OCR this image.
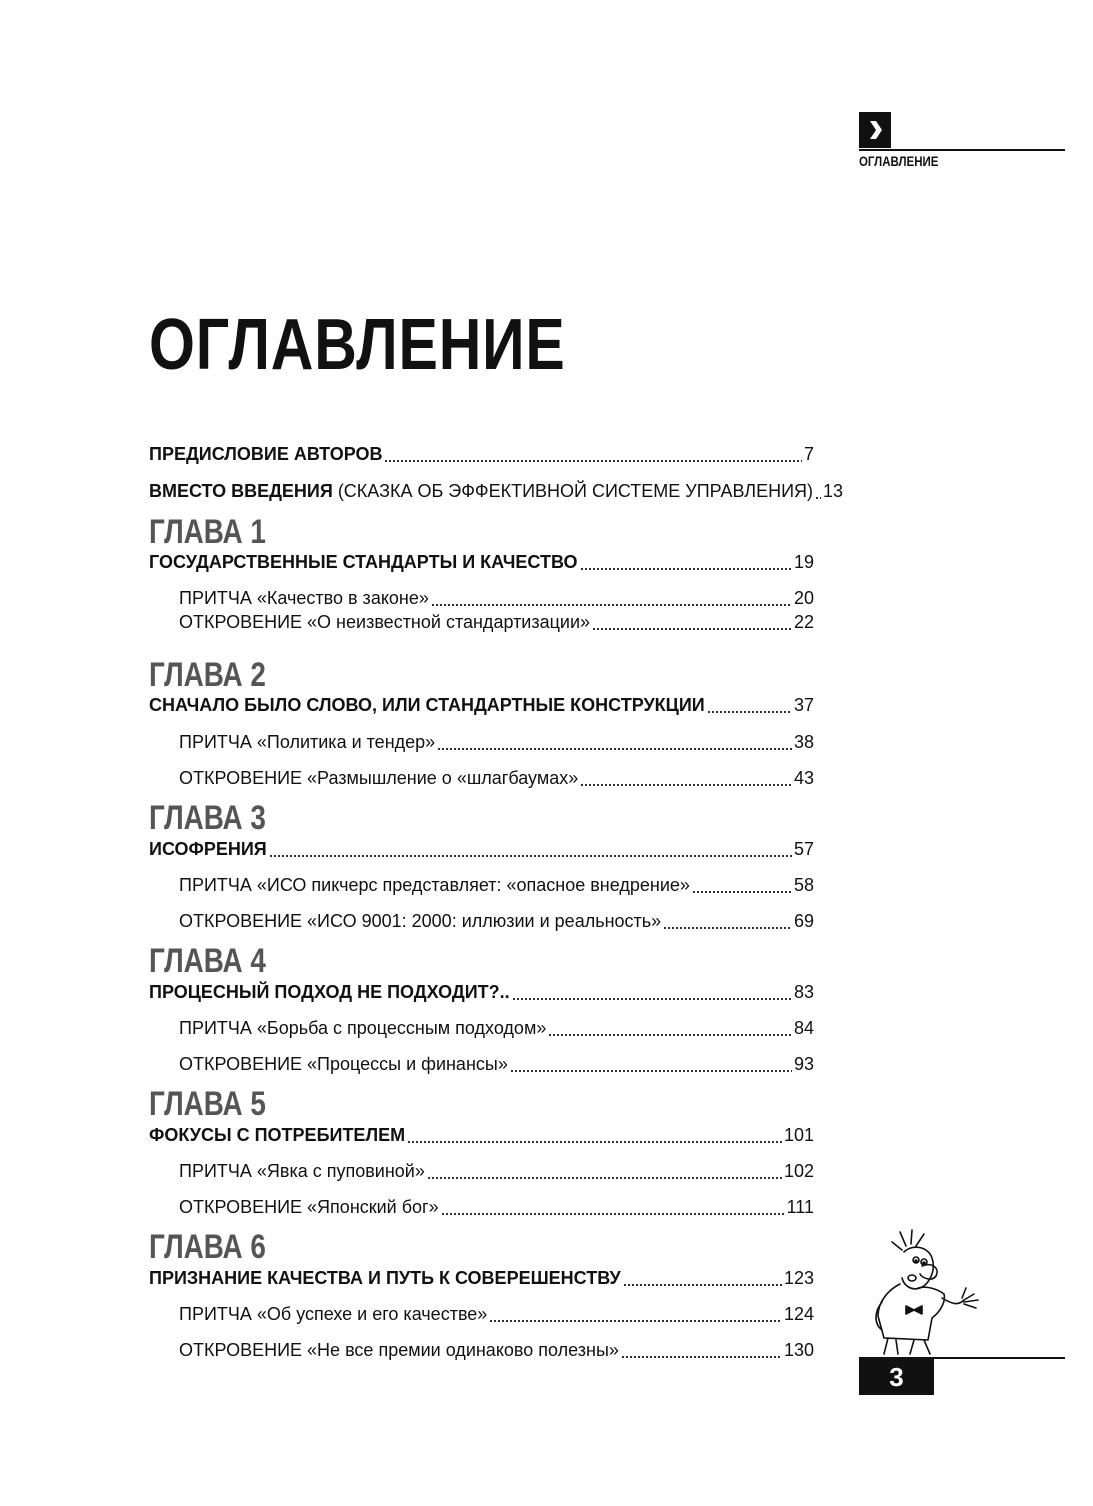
ОГЛАВЛЕНИЕ
ОГЛАВЛЕНИЕ
ПРЕДИСЛОВИЕ АВТОРОВ	7
ВМЕСТО ВВЕДЕНИЯ (СКАЗКА ОБ ЭФФЕКТИВНОЙ СИСТЕМЕ УПРАВЛЕНИЯ) 13
ГЛАВА 1
ГОСУДАРСТВЕННЫЕ СТАНДАРТЫ И КАЧЕСТВО	19
ПРИТЧА «Качество в законе»	20
ОТКРОВЕНИЕ «О неизвестной стандартизации»	22
ГЛАВА 2
СНАЧАЛО БЫЛО СЛОВО, ИЛИ СТАНДАРТНЫЕ КОНСТРУКЦИИ	37
ПРИТЧА «Политика и тендер»	38
ОТКРОВЕНИЕ «Размышление о «шлагбаумах»	43
ГЛАВА 3
ИСОФРЕНИЯ	57
ПРИТЧА «ИСО пикчерс представляет: «опасное внедрение»	58
ОТКРОВЕНИЕ «ИСО 9001: 2000: иллюзии и реальность»	69
ГЛАВА 4
ПРОЦЕСНЫЙ ПОДХОД НЕ ПОДХОДИТ?..	83
ПРИТЧА «Борьба с процессным подходом»	84
ОТКРОВЕНИЕ «Процессы и финансы»	93
ГЛАВА 5
ФОКУСЫ С ПОТРЕБИТЕЛЕМ	101
ПРИТЧА «Явка с пуповиной»	102
ОТКРОВЕНИЕ «Японский бог»	111
ГЛАВА 6
ПРИЗНАНИЕ КАЧЕСТВА И ПУТЬ К СОВЕРЕШЕНСТВУ	123
ПРИТЧА «Об успехе и его качестве»	124
ОТКРОВЕНИЕ «Не все премии одинаково полезны»	130
3
